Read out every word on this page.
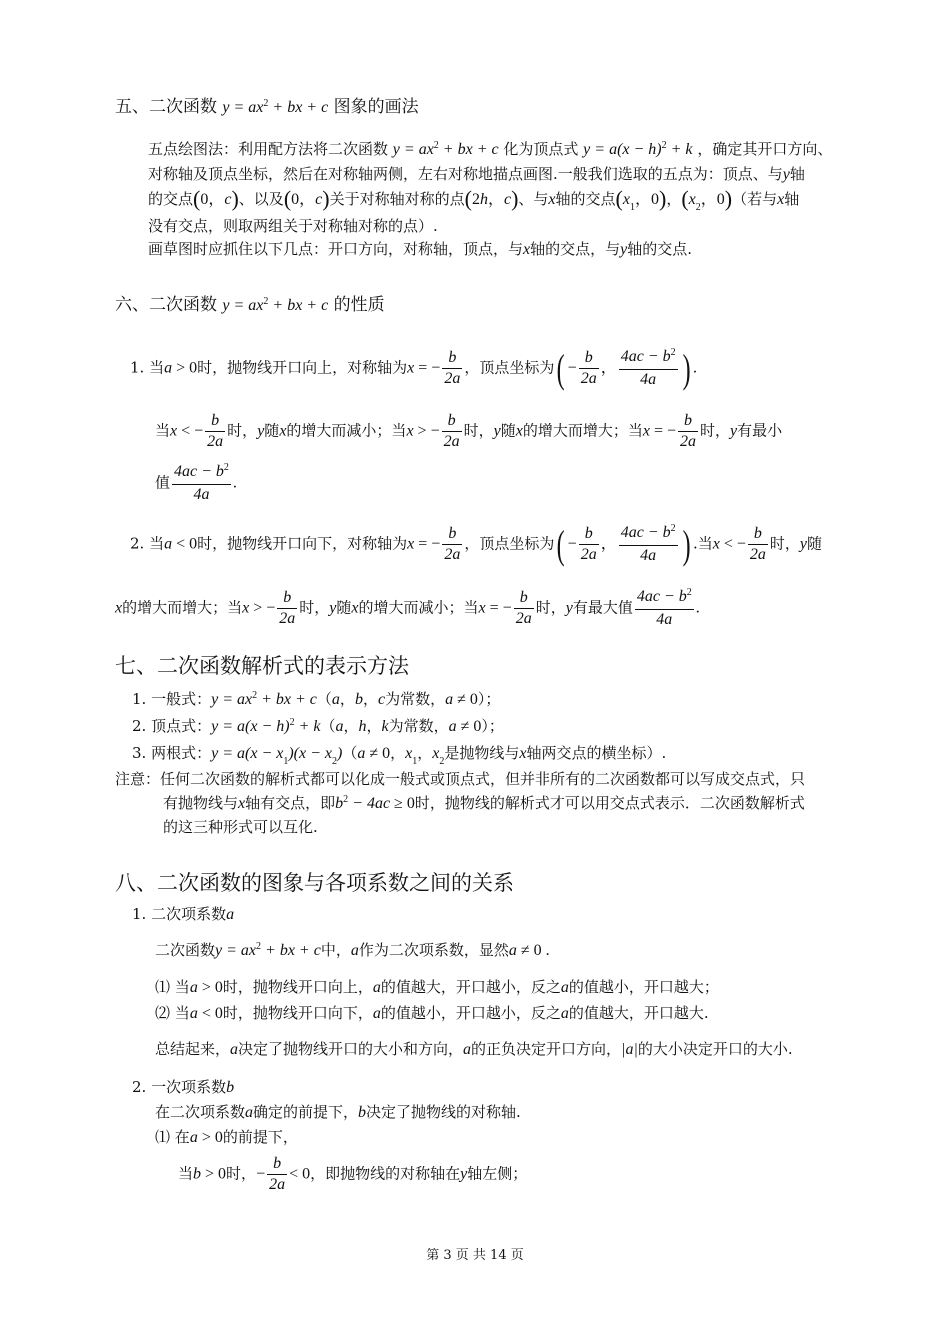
五、二次函数 $y = ax^2$ + bx + c 图象的画法
五点绘图法：利用配方法将二次函数 $y = ax^2$ + bx + c 化为顶点式 $y = a(x - h)^2 + k$ ，确定其开口方向、
对称轴及顶点坐标，然后在对称轴两侧，左右对称地描点画图.一般我们选取的五点为：顶点、与y轴
的交点(0，c)、以及(0，c)关于对称轴对称的点(2h，c)、与x轴的交点($x_1$，0)，($x_2$，0)（若与x轴
没有交点，则取两组关于对称轴对称的点）.
画草图时应抓住以下几点：开口方向，对称轴，顶点，与x轴的交点，与y轴的交点.
六、二次函数 $y = ax^2$ + bx + c 的性质
1. 当a > 0时，抛物线开口向上，对称轴为x = − $\frac{b}{2a}$ ，顶点坐标为( − $\frac{b}{2a}$ ， $\frac{4ac - b^2}{4a}$ ) .
当x < − $\frac{b}{2a}$ 时，y随x的增大而减小；当x > − $\frac{b}{2a}$ 时，y随x的增大而增大；当x = − $\frac{b}{2a}$ 时，y有最小
值 $\frac{4ac - b^2}{4a}$ .
2. 当a < 0时，抛物线开口向下，对称轴为x = − $\frac{b}{2a}$ ，顶点坐标为( − $\frac{b}{2a}$ ， $\frac{4ac - b^2}{4a}$ ) .当x < − $\frac{b}{2a}$ 时，y随
x的增大而增大；当x > − $\frac{b}{2a}$ 时，y随x的增大而减小；当x = − $\frac{b}{2a}$ 时，y有最大值 $\frac{4ac - b^2}{4a}$ .
七、二次函数解析式的表示方法
1. 一般式：$y = ax^2$ + bx + c（a，b，c为常数，a ≠ 0）；
2. 顶点式：$y = a(x - h)^2 + k(a$，h，k为常数，a ≠ 0）；
3. 两根式：$y = a(x - x_1)(x - x_2)(a \ne 0$，$x_1$，$x_2$是抛物线与x轴两交点的横坐标）.
注意：任何二次函数的解析式都可以化成一般式或顶点式，但并非所有的二次函数都可以写成交点式，只
有抛物线与x轴有交点，即$b^2 - 4ac \ge 0$时，抛物线的解析式才可以用交点式表示．二次函数解析式
的这三种形式可以互化.
八、二次函数的图象与各项系数之间的关系
1. 二次项系数a
二次函数$y = ax^2$ + bx + c中，a作为二次项系数，显然a ≠ 0 .
⑴ 当a > 0时，抛物线开口向上，a的值越大，开口越小，反之a的值越小，开口越大；
⑵ 当a < 0时，抛物线开口向下，a的值越小，开口越小，反之a的值越大，开口越大.
总结起来，a决定了抛物线开口的大小和方向，a的正负决定开口方向，|a|的大小决定开口的大小.
2. 一次项系数b
在二次项系数a确定的前提下，b决定了抛物线的对称轴.
⑴ 在a > 0的前提下，
当b > 0时，− $\frac{b}{2a} < 0$，即抛物线的对称轴在y轴左侧；
第 3 页 共 14 页
